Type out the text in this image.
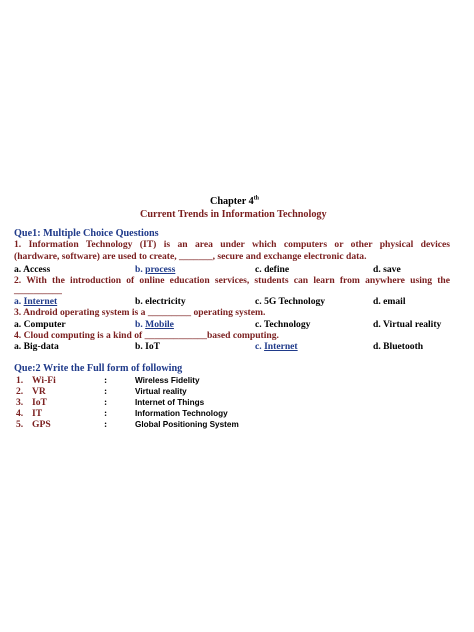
Chapter 4th
Current Trends in Information Technology
Que1: Multiple Choice Questions
1. Information Technology (IT) is an area under which computers or other physical devices
(hardware, software) are used to create, _______, secure and exchange electronic data.
a. Access	b. process	c. define	d. save
2. With the introduction of online education services, students can learn from anywhere using the
__________
a. Internet	b. electricity	c. 5G Technology	d. email
3. Android operating system is a _________ operating system.
a. Computer	b. Mobile	c. Technology	d. Virtual reality
4. Cloud computing is a kind of _____________based computing.
a. Big-data	b. IoT	c. Internet	d. Bluetooth
Que:2 Write the Full form of following
1. Wi-Fi	:	Wireless Fidelity
2. VR	:	Virtual reality
3. IoT	:	Internet of Things
4. IT	:	Information Technology
5. GPS	:	Global Positioning System
